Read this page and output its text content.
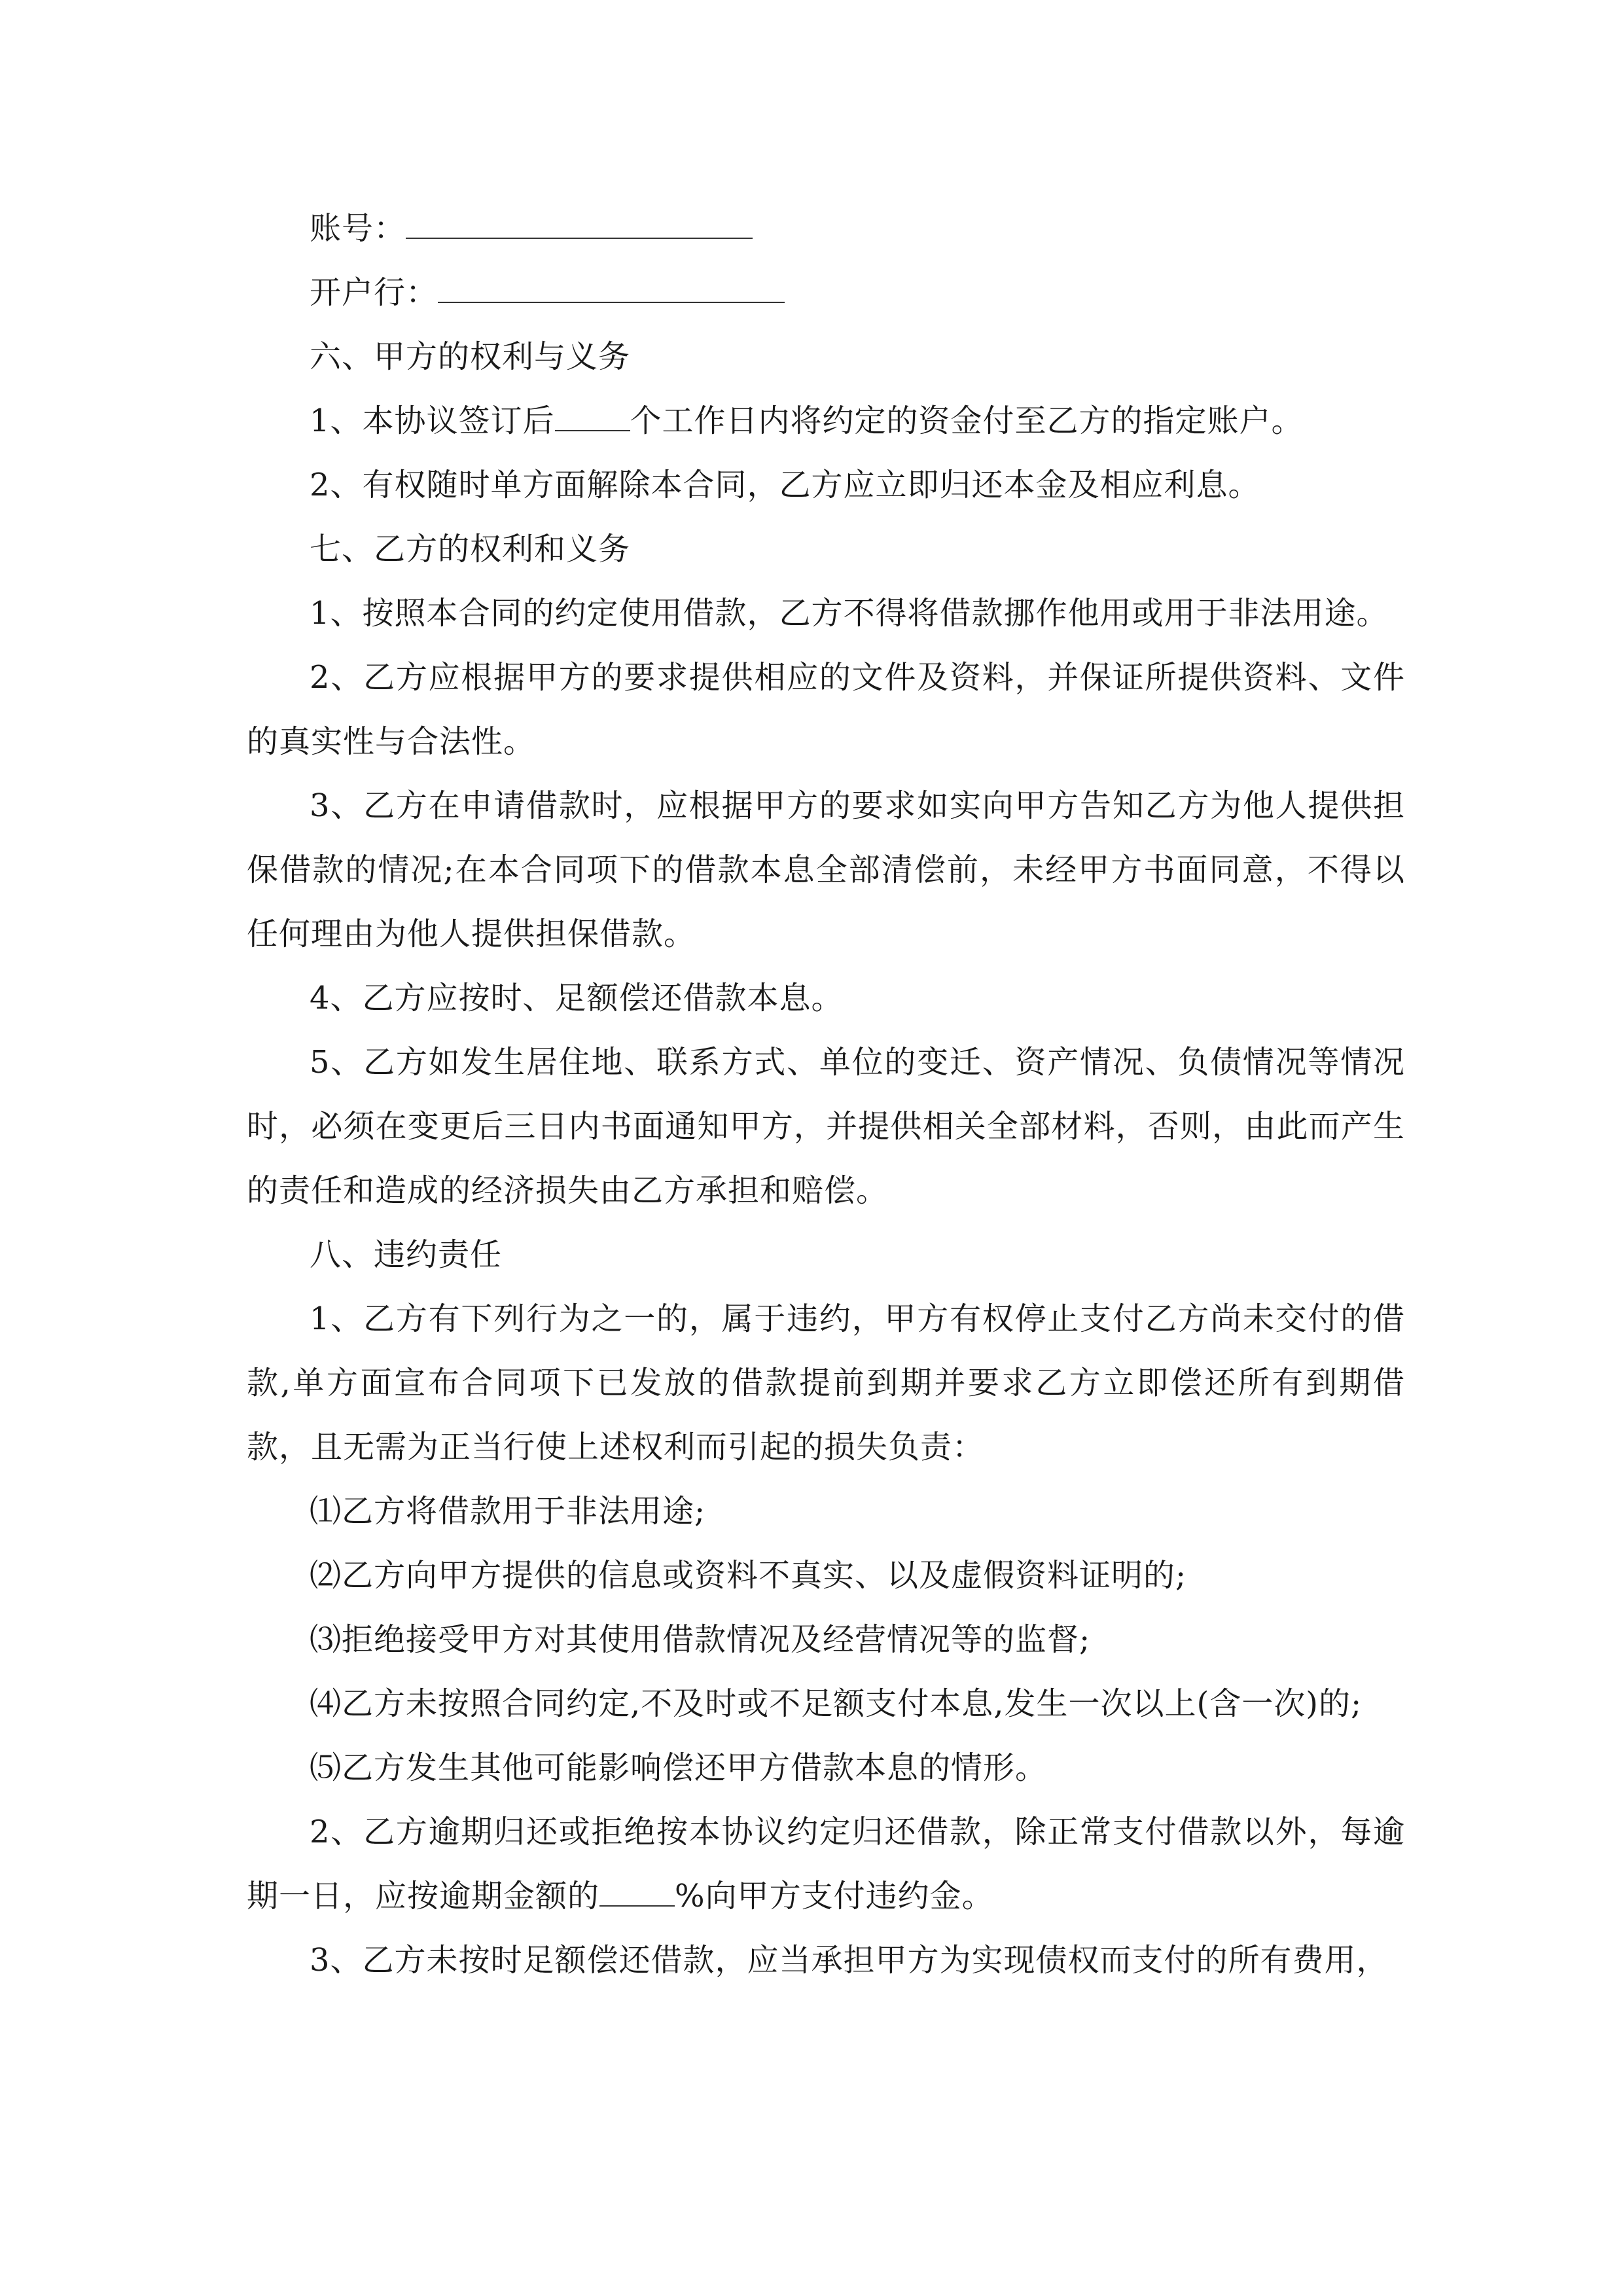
账号：

开户行：

六、甲方的权利与义务

1、本协议签订后 个工作日内将约定的资金付至乙方的指定账户。

2、有权随时单方面解除本合同，乙方应立即归还本金及相应利息。

七、乙方的权利和义务

1、按照本合同的约定使用借款，乙方不得将借款挪作他用或用于非法用途。

2、乙方应根据甲方的要求提供相应的文件及资料，并保证所提供资料、文件的真实性与合法性。

3、乙方在申请借款时，应根据甲方的要求如实向甲方告知乙方为他人提供担保借款的情况;在本合同项下的借款本息全部清偿前，未经甲方书面同意，不得以任何理由为他人提供担保借款。

4、乙方应按时、足额偿还借款本息。

5、乙方如发生居住地、联系方式、单位的变迁、资产情况、负债情况等情况时，必须在变更后三日内书面通知甲方，并提供相关全部材料，否则，由此而产生的责任和造成的经济损失由乙方承担和赔偿。

八、违约责任

1、乙方有下列行为之一的，属于违约，甲方有权停止支付乙方尚未交付的借款,单方面宣布合同项下已发放的借款提前到期并要求乙方立即偿还所有到期借款，且无需为正当行使上述权利而引起的损失负责：

⑴乙方将借款用于非法用途;

⑵乙方向甲方提供的信息或资料不真实、以及虚假资料证明的;

⑶拒绝接受甲方对其使用借款情况及经营情况等的监督;

⑷乙方未按照合同约定,不及时或不足额支付本息,发生一次以上(含一次)的;

⑸乙方发生其他可能影响偿还甲方借款本息的情形。

2、乙方逾期归还或拒绝按本协议约定归还借款，除正常支付借款以外，每逾期一日，应按逾期金额的 %向甲方支付违约金。

3、乙方未按时足额偿还借款，应当承担甲方为实现债权而支付的所有费用，
